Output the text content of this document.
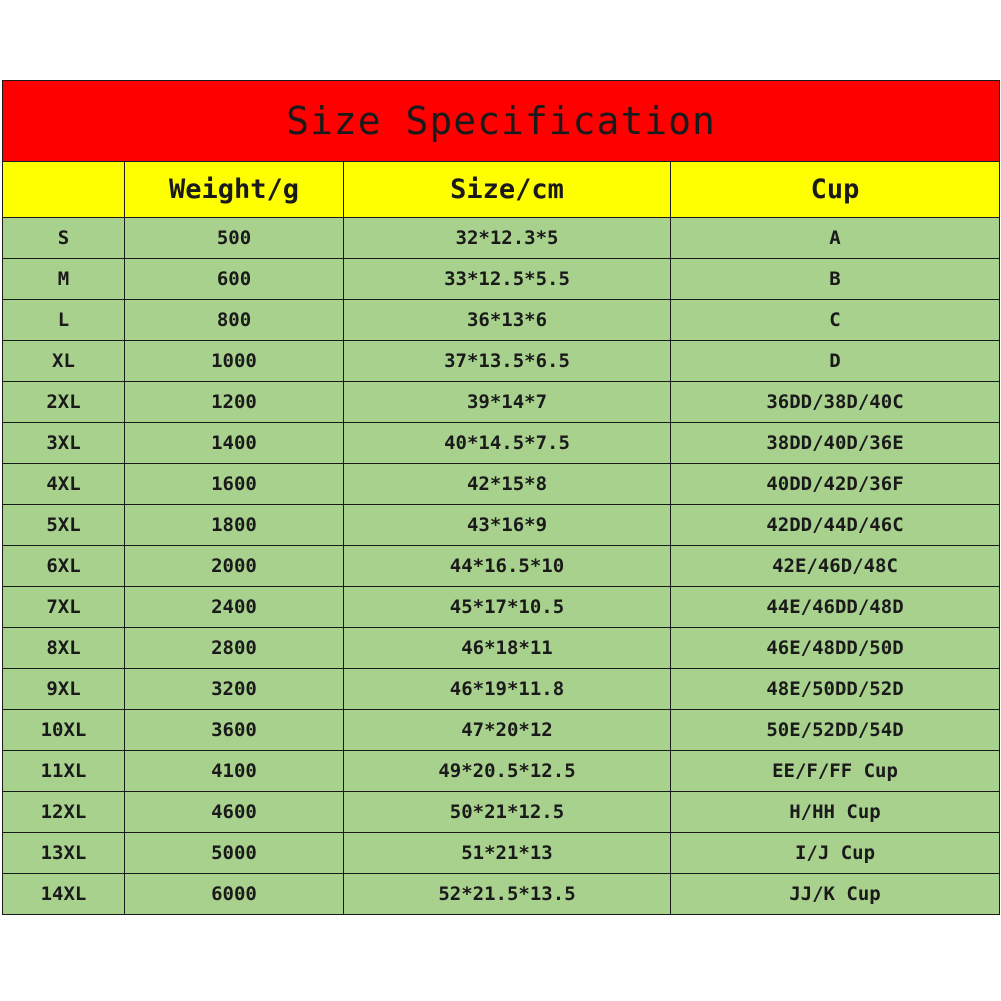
Size Specification			
	Weight/g	Size/cm	Cup
S	500	32*12.3*5	A
M	600	33*12.5*5.5	B
L	800	36*13*6	C
XL	1000	37*13.5*6.5	D
2XL	1200	39*14*7	36DD/38D/40C
3XL	1400	40*14.5*7.5	38DD/40D/36E
4XL	1600	42*15*8	40DD/42D/36F
5XL	1800	43*16*9	42DD/44D/46C
6XL	2000	44*16.5*10	42E/46D/48C
7XL	2400	45*17*10.5	44E/46DD/48D
8XL	2800	46*18*11	46E/48DD/50D
9XL	3200	46*19*11.8	48E/50DD/52D
10XL	3600	47*20*12	50E/52DD/54D
11XL	4100	49*20.5*12.5	EE/F/FF Cup
12XL	4600	50*21*12.5	H/HH Cup
13XL	5000	51*21*13	I/J Cup
14XL	6000	52*21.5*13.5	JJ/K Cup
